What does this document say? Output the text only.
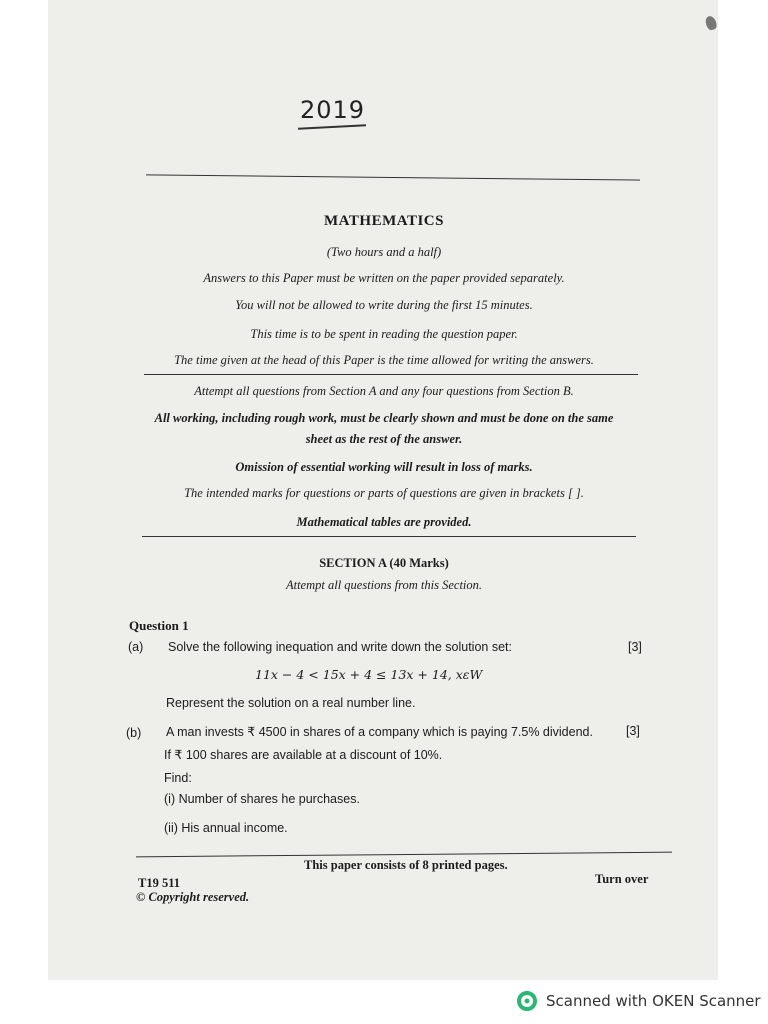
2019
MATHEMATICS
(Two hours and a half)
Answers to this Paper must be written on the paper provided separately.
You will not be allowed to write during the first 15 minutes.
This time is to be spent in reading the question paper.
The time given at the head of this Paper is the time allowed for writing the answers.
Attempt all questions from Section A and any four questions from Section B.
All working, including rough work, must be clearly shown and must be done on the same
sheet as the rest of the answer.
Omission of essential working will result in loss of marks.
The intended marks for questions or parts of questions are given in brackets [ ].
Mathematical tables are provided.
SECTION A (40 Marks)
Attempt all questions from this Section.
Question 1
(a) Solve the following inequation and write down the solution set:	[3]
11x − 4 < 15x + 4 ≤ 13x + 14, xεW
Represent the solution on a real number line.
(b) A man invests ₹ 4500 in shares of a company which is paying 7.5% dividend.	[3]
If ₹ 100 shares are available at a discount of 10%.
Find:
(i) Number of shares he purchases.
(ii) His annual income.
This paper consists of 8 printed pages.
T19 511
© Copyright reserved.
Turn over
Scanned with OKEN Scanner
